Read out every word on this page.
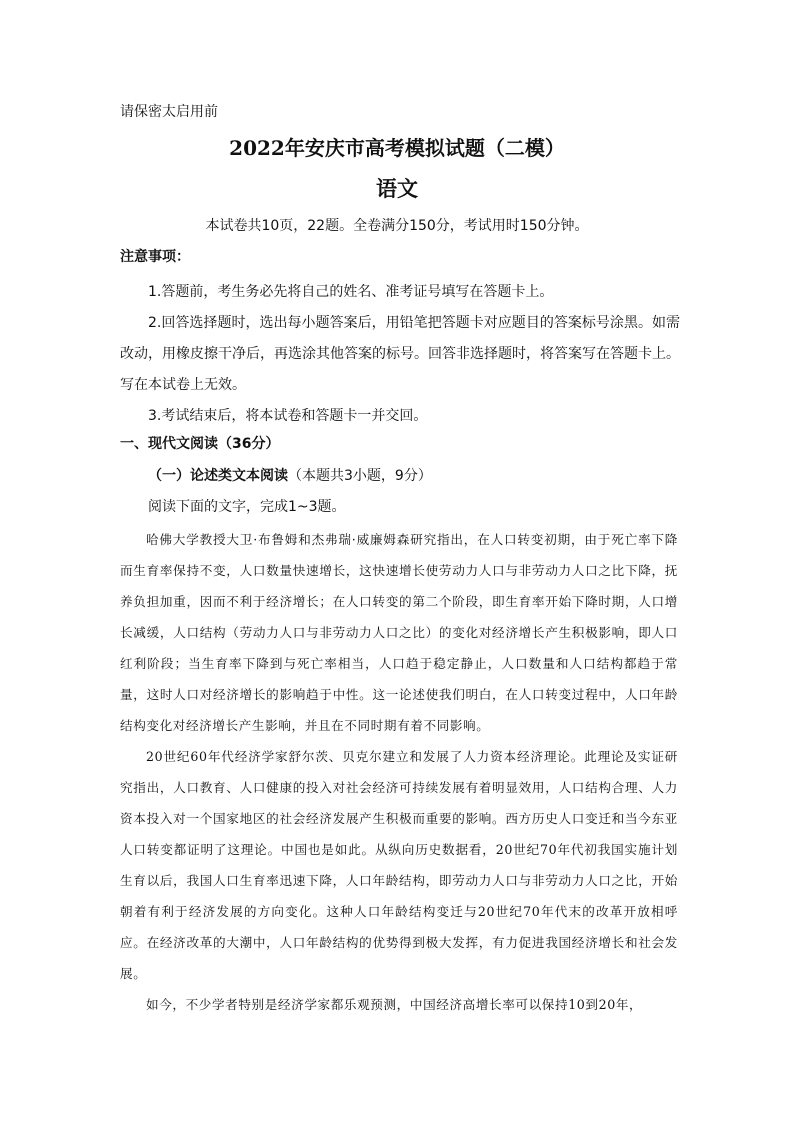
请保密太启用前
2022年安庆市高考模拟试题（二模）
语文
本试卷共10页，22题。全卷满分150分，考试用时150分钟。
注意事项：

1.答题前，考生务必先将自己的姓名、准考证号填写在答题卡上。

2.回答选择题时，选出每小题答案后，用铅笔把答题卡对应题目的答案标号涂黑。如需改动，用橡皮擦干净后，再选涂其他答案的标号。回答非选择题时，将答案写在答题卡上。写在本试卷上无效。

3.考试结束后，将本试卷和答题卡一并交回。

一、现代文阅读（36分）
（一）论述类文本阅读（本题共3小题，9分）
阅读下面的文字，完成1~3题。

哈佛大学教授大卫·布鲁姆和杰弗瑞·威廉姆森研究指出，在人口转变初期，由于死亡率下降而生育率保持不变，人口数量快速增长，这快速增长使劳动力人口与非劳动力人口之比下降，抚养负担加重，因而不利于经济增长；在人口转变的第二个阶段，即生育率开始下降时期，人口增长减缓，人口结构（劳动力人口与非劳动力人口之比）的变化对经济增长产生积极影响，即人口红利阶段；当生育率下降到与死亡率相当，人口趋于稳定静止，人口数量和人口结构都趋于常量，这时人口对经济增长的影响趋于中性。这一论述使我们明白，在人口转变过程中，人口年龄结构变化对经济增长产生影响，并且在不同时期有着不同影响。

20世纪60年代经济学家舒尔茨、贝克尔建立和发展了人力资本经济理论。此理论及实证研究指出，人口教育、人口健康的投入对社会经济可持续发展有着明显效用，人口结构合理、人力资本投入对一个国家地区的社会经济发展产生积极而重要的影响。西方历史人口变迁和当今东亚人口转变都证明了这理论。中国也是如此。从纵向历史数据看，20世纪70年代初我国实施计划生育以后，我国人口生育率迅速下降，人口年龄结构，即劳动力人口与非劳动力人口之比，开始朝着有利于经济发展的方向变化。这种人口年龄结构变迁与20世纪70年代末的改革开放相呼应。在经济改革的大潮中，人口年龄结构的优势得到极大发挥，有力促进我国经济增长和社会发展。

如今，不少学者特别是经济学家都乐观预测，中国经济高增长率可以保持10到20年，
